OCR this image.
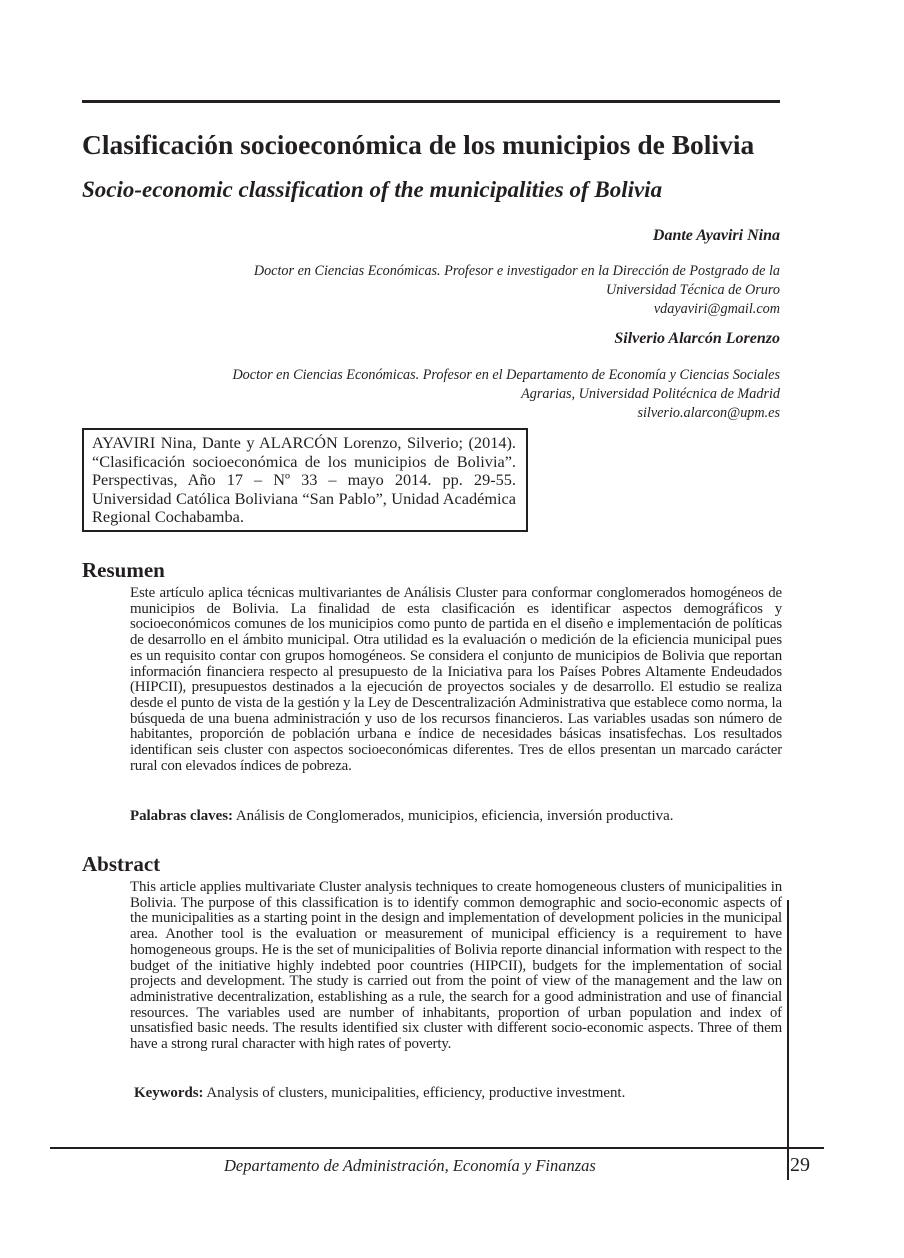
Clasificación socioeconómica de los municipios de Bolivia
Socio-economic classification of the municipalities of Bolivia
Dante Ayaviri Nina
Doctor en Ciencias Económicas. Profesor e investigador en la Dirección de Postgrado de la
Universidad Técnica de Oruro
vdayaviri@gmail.com
Silverio Alarcón Lorenzo
Doctor en Ciencias Económicas. Profesor en el Departamento de Economía y Ciencias Sociales
Agrarias, Universidad Politécnica de Madrid
silverio.alarcon@upm.es
AYAVIRI Nina, Dante y ALARCÓN Lorenzo, Silverio; (2014). “Clasificación socioeconómica de los municipios de Bolivia”. Perspectivas, Año 17 – Nº 33 – mayo 2014. pp. 29-55. Universidad Católica Boliviana “San Pablo”, Unidad Académica Regional Cochabamba.
Resumen
Este artículo aplica técnicas multivariantes de Análisis Cluster para conformar conglomerados homogéneos de municipios de Bolivia. La finalidad de esta clasificación es identificar aspectos demográficos y socioeconómicos comunes de los municipios como punto de partida en el diseño e implementación de políticas de desarrollo en el ámbito municipal. Otra utilidad es la evaluación o medición de la eficiencia municipal pues es un requisito contar con grupos homogéneos. Se considera el conjunto de municipios de Bolivia que reportan información financiera respecto al presupuesto de la Iniciativa para los Países Pobres Altamente Endeudados (HIPCII), presupuestos destinados a la ejecución de proyectos sociales y de desarrollo. El estudio se realiza desde el punto de vista de la gestión y la Ley de Descentralización Administrativa que establece como norma, la búsqueda de una buena administración y uso de los recursos financieros. Las variables usadas son número de habitantes, proporción de población urbana e índice de necesidades básicas insatisfechas. Los resultados identifican seis cluster con aspectos socioeconómicas diferentes. Tres de ellos presentan un marcado carácter rural con elevados índices de pobreza.
Palabras claves: Análisis de Conglomerados, municipios, eficiencia, inversión productiva.
Abstract
This article applies multivariate Cluster analysis techniques to create homogeneous clusters of municipalities in Bolivia. The purpose of this classification is to identify common demographic and socio-economic aspects of the municipalities as a starting point in the design and implementation of development policies in the municipal area. Another tool is the evaluation or measurement of municipal efficiency is a requirement to have homogeneous groups. He is the set of municipalities of Bolivia reporte dinancial information with respect to the budget of the initiative highly indebted poor countries (HIPCII), budgets for the implementation of social projects and development. The study is carried out from the point of view of the management and the law on administrative decentralization, establishing as a rule, the search for a good administration and use of financial resources. The variables used are number of inhabitants, proportion of urban population and index of unsatisfied basic needs. The results identified six cluster with different socio-economic aspects. Three of them have a strong rural character with high rates of poverty.
Keywords: Analysis of clusters, municipalities, efficiency, productive investment.
Departamento de Administración, Economía y Finanzas	29
